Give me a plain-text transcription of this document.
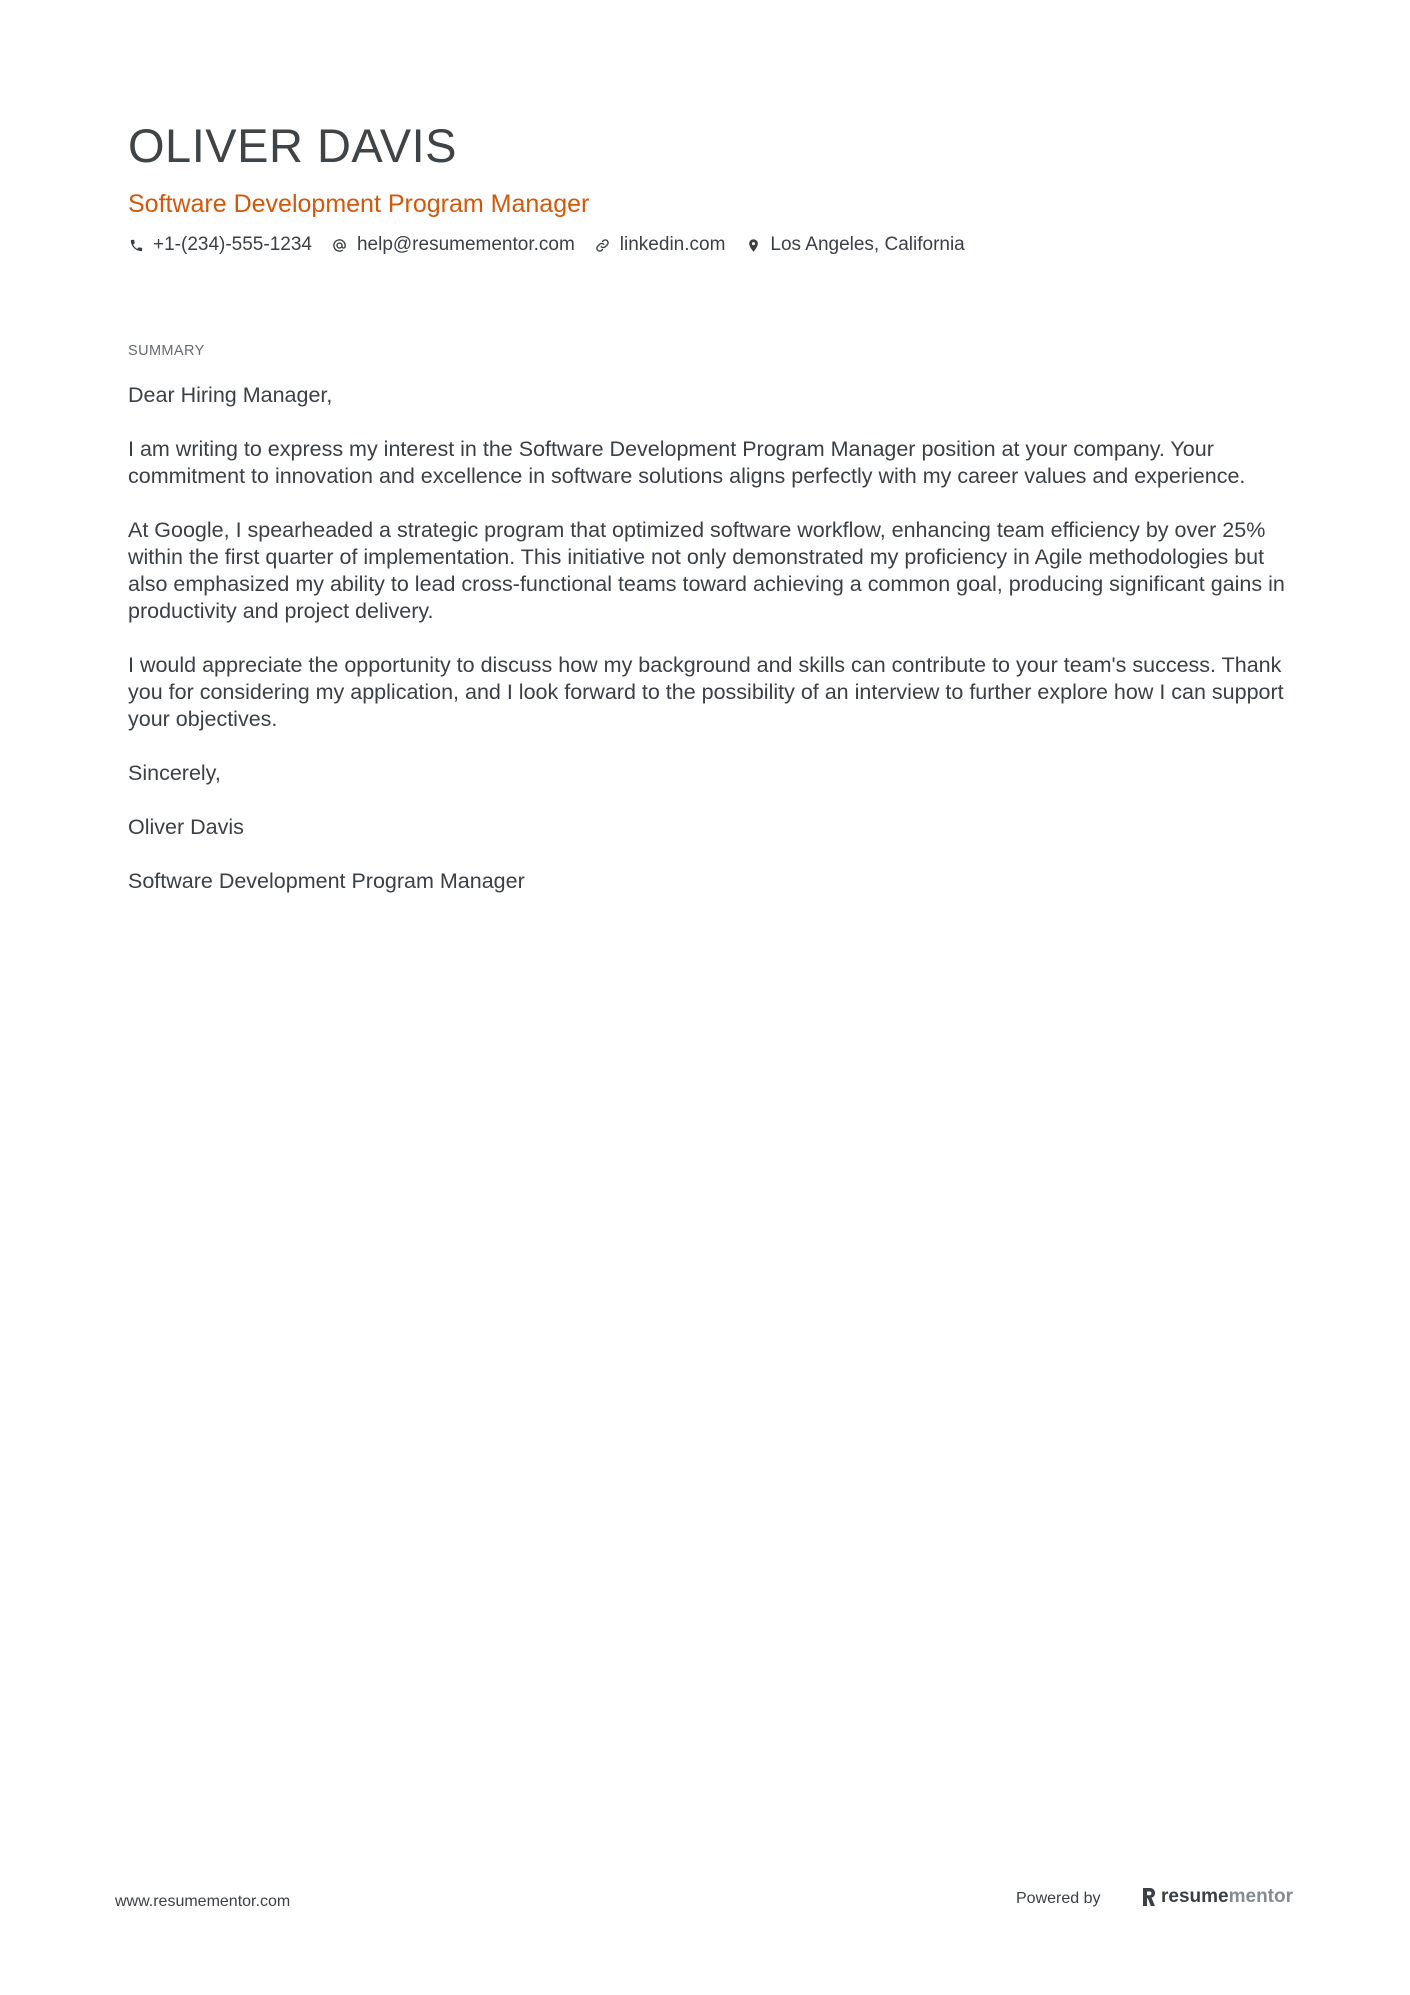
OLIVER DAVIS
Software Development Program Manager
+1-(234)-555-1234 help@resumementor.com linkedin.com Los Angeles, California
SUMMARY

Dear Hiring Manager,

I am writing to express my interest in the Software Development Program Manager position at your company. Your commitment to innovation and excellence in software solutions aligns perfectly with my career values and experience.

At Google, I spearheaded a strategic program that optimized software workflow, enhancing team efficiency by over 25% within the first quarter of implementation. This initiative not only demonstrated my proficiency in Agile methodologies but also emphasized my ability to lead cross-functional teams toward achieving a common goal, producing significant gains in productivity and project delivery.

I would appreciate the opportunity to discuss how my background and skills can contribute to your team's success. Thank you for considering my application, and I look forward to the possibility of an interview to further explore how I can support your objectives.

Sincerely,

Oliver Davis

Software Development Program Manager

www.resumementor.com	Powered by	resume mentor
